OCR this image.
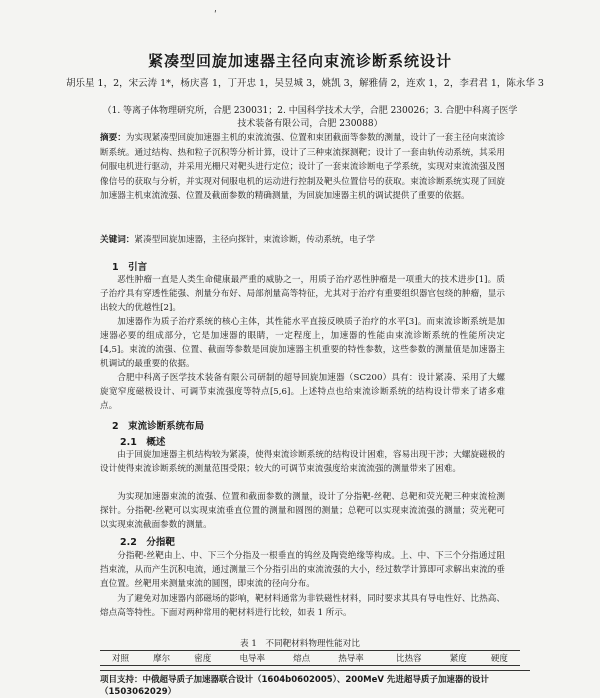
ʹ
紧凑型回旋加速器主径向束流诊断系统设计
胡乐星 1，2，宋云涛 1*，杨庆喜 1，丁开忠 1，吴昱城 3，姚凯 3，解雅倩 2，连欢 1，2，李君君 1，陈永华 3
（1. 等离子体物理研究所，合肥 230031；2. 中国科学技术大学，合肥 230026；3. 合肥中科离子医学技术装备有限公司，合肥 230088）
摘要：为实现紧凑型回旋加速器主机的束流流强、位置和束团截面等参数的测量，设计了一套主径向束流诊断系统。通过结构、热和粒子沉积等分析计算，设计了三种束流探测靶；设计了一套由轨传动系统，其采用伺服电机进行驱动，并采用光栅尺对靶头进行定位；设计了一套束流诊断电子学系统，实现对束流流强及图像信号的获取与分析，并实现对伺服电机的运动进行控制及靶头位置信号的获取。束流诊断系统实现了回旋加速器主机束流流强、位置及截面参数的精确测量，为回旋加速器主机的调试提供了重要的依据。
关键词：紧凑型回旋加速器，主径向探针，束流诊断，传动系统，电子学
1　引言
恶性肿瘤一直是人类生命健康最严重的威胁之一，用质子治疗恶性肿瘤是一项重大的技术进步[1]。质子治疗具有穿透性能强、剂量分布好、局部剂量高等特征，尤其对于治疗有重要组织器官包绕的肿瘤，显示出较大的优越性[2]。
加速器作为质子治疗系统的核心主体，其性能水平直接反映质子治疗的水平[3]。而束流诊断系统是加速器必要的组成部分，它是加速器的眼睛，一定程度上，加速器的性能由束流诊断系统的性能所决定[4,5]。束流的流强、位置、截面等参数是回旋加速器主机重要的特性参数，这些参数的测量值是加速器主机调试的最重要的依据。
合肥中科离子医学技术装备有限公司研制的超导回旋加速器（SC200）具有：设计紧凑、采用了大螺旋宽窄度磁极设计、可调节束流强度等特点[5,6]。上述特点也给束流诊断系统的结构设计带来了诸多难点。
2　束流诊断系统布局
2.1　概述
由于回旋加速器主机结构较为紧凑，使得束流诊断系统的结构设计困难，容易出现干涉；大螺旋磁极的设计使得束流诊断系统的测量范围受限；较大的可调节束流强度给束流流强的测量带来了困难。
为实现加速器束流的流强、位置和截面参数的测量，设计了分指靶-丝靶、总靶和荧光靶三种束流检测探针。分指靶-丝靶可以实现束流垂直位置的测量和圆图的测量；总靶可以实现束流流强的测量；荧光靶可以实现束流截面参数的测量。
2.2　分指靶
分指靶-丝靶由上、中、下三个分指及一根垂直的钨丝及陶瓷绝缘等构成。上、中、下三个分指通过阻挡束流，从而产生沉积电流，通过测量三个分指引出的束流流强的大小，经过数学计算即可求解出束流的垂直位置。丝靶用来测量束流的圆图，即束流的径向分布。
为了避免对加速器内部磁场的影响，靶材料通常为非铁磁性材料，同时要求其具有导电性好、比热高、熔点高等特性。下面对两种常用的靶材料进行比较，如表 1 所示。
表 1　不同靶材料物理性能对比
对照	摩尔	密度	电导率	熔点	热导率	比热容	紧度	硬度
项目支持：中俄超导质子加速器联合设计（1604b0602005）、200MeV 先进超导质子加速器的设计（1503062029）
